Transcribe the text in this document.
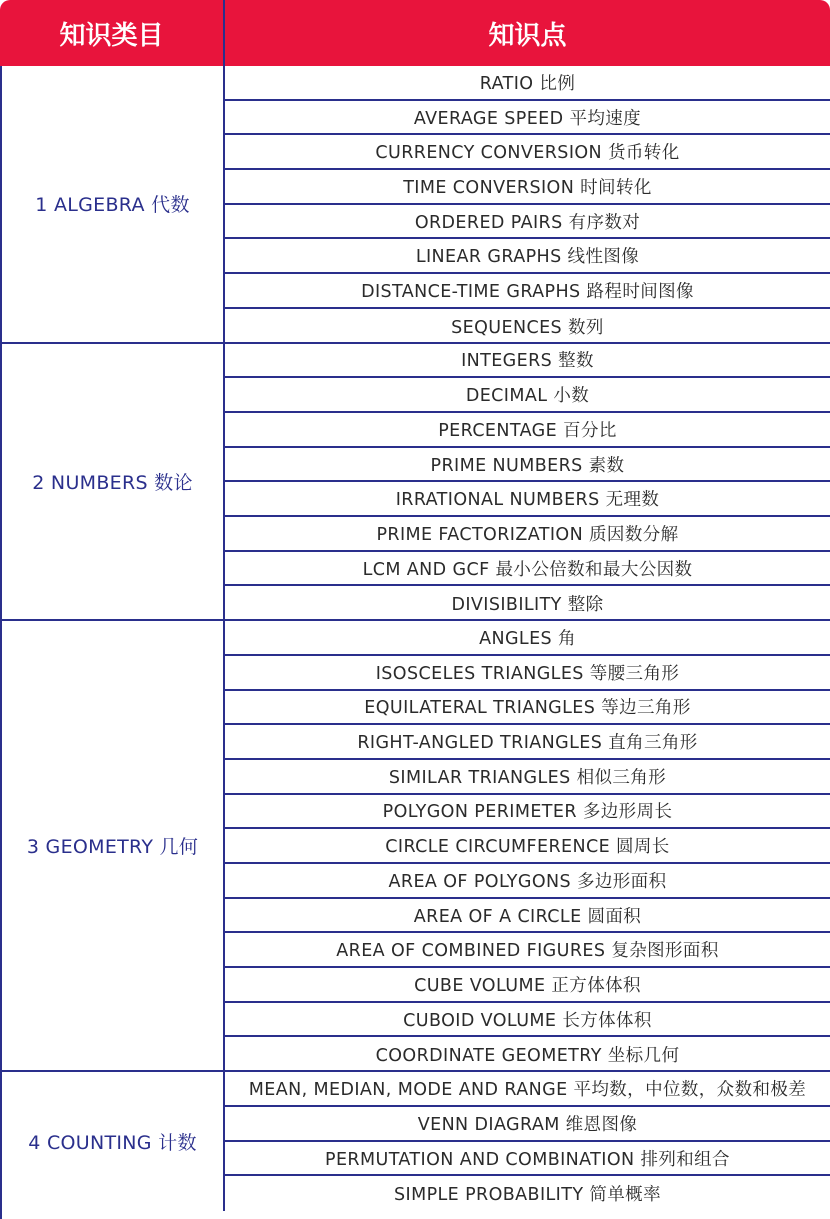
知识类目	知识点
1 ALGEBRA 代数
RATIO 比例
AVERAGE SPEED 平均速度
CURRENCY CONVERSION 货币转化
TIME CONVERSION 时间转化
ORDERED PAIRS 有序数对
LINEAR GRAPHS 线性图像
DISTANCE-TIME GRAPHS 路程时间图像
SEQUENCES 数列
2 NUMBERS 数论
INTEGERS 整数
DECIMAL 小数
PERCENTAGE 百分比
PRIME NUMBERS 素数
IRRATIONAL NUMBERS 无理数
PRIME FACTORIZATION 质因数分解
LCM AND GCF 最小公倍数和最大公因数
DIVISIBILITY 整除
3 GEOMETRY 几何
ANGLES 角
ISOSCELES TRIANGLES 等腰三角形
EQUILATERAL TRIANGLES 等边三角形
RIGHT-ANGLED TRIANGLES 直角三角形
SIMILAR TRIANGLES 相似三角形
POLYGON PERIMETER 多边形周长
CIRCLE CIRCUMFERENCE 圆周长
AREA OF POLYGONS 多边形面积
AREA OF A CIRCLE 圆面积
AREA OF COMBINED FIGURES 复杂图形面积
CUBE VOLUME 正方体体积
CUBOID VOLUME 长方体体积
COORDINATE GEOMETRY 坐标几何
4 COUNTING 计数
MEAN, MEDIAN, MODE AND RANGE 平均数，中位数，众数和极差
VENN DIAGRAM 维恩图像
PERMUTATION AND COMBINATION 排列和组合
SIMPLE PROBABILITY 简单概率
